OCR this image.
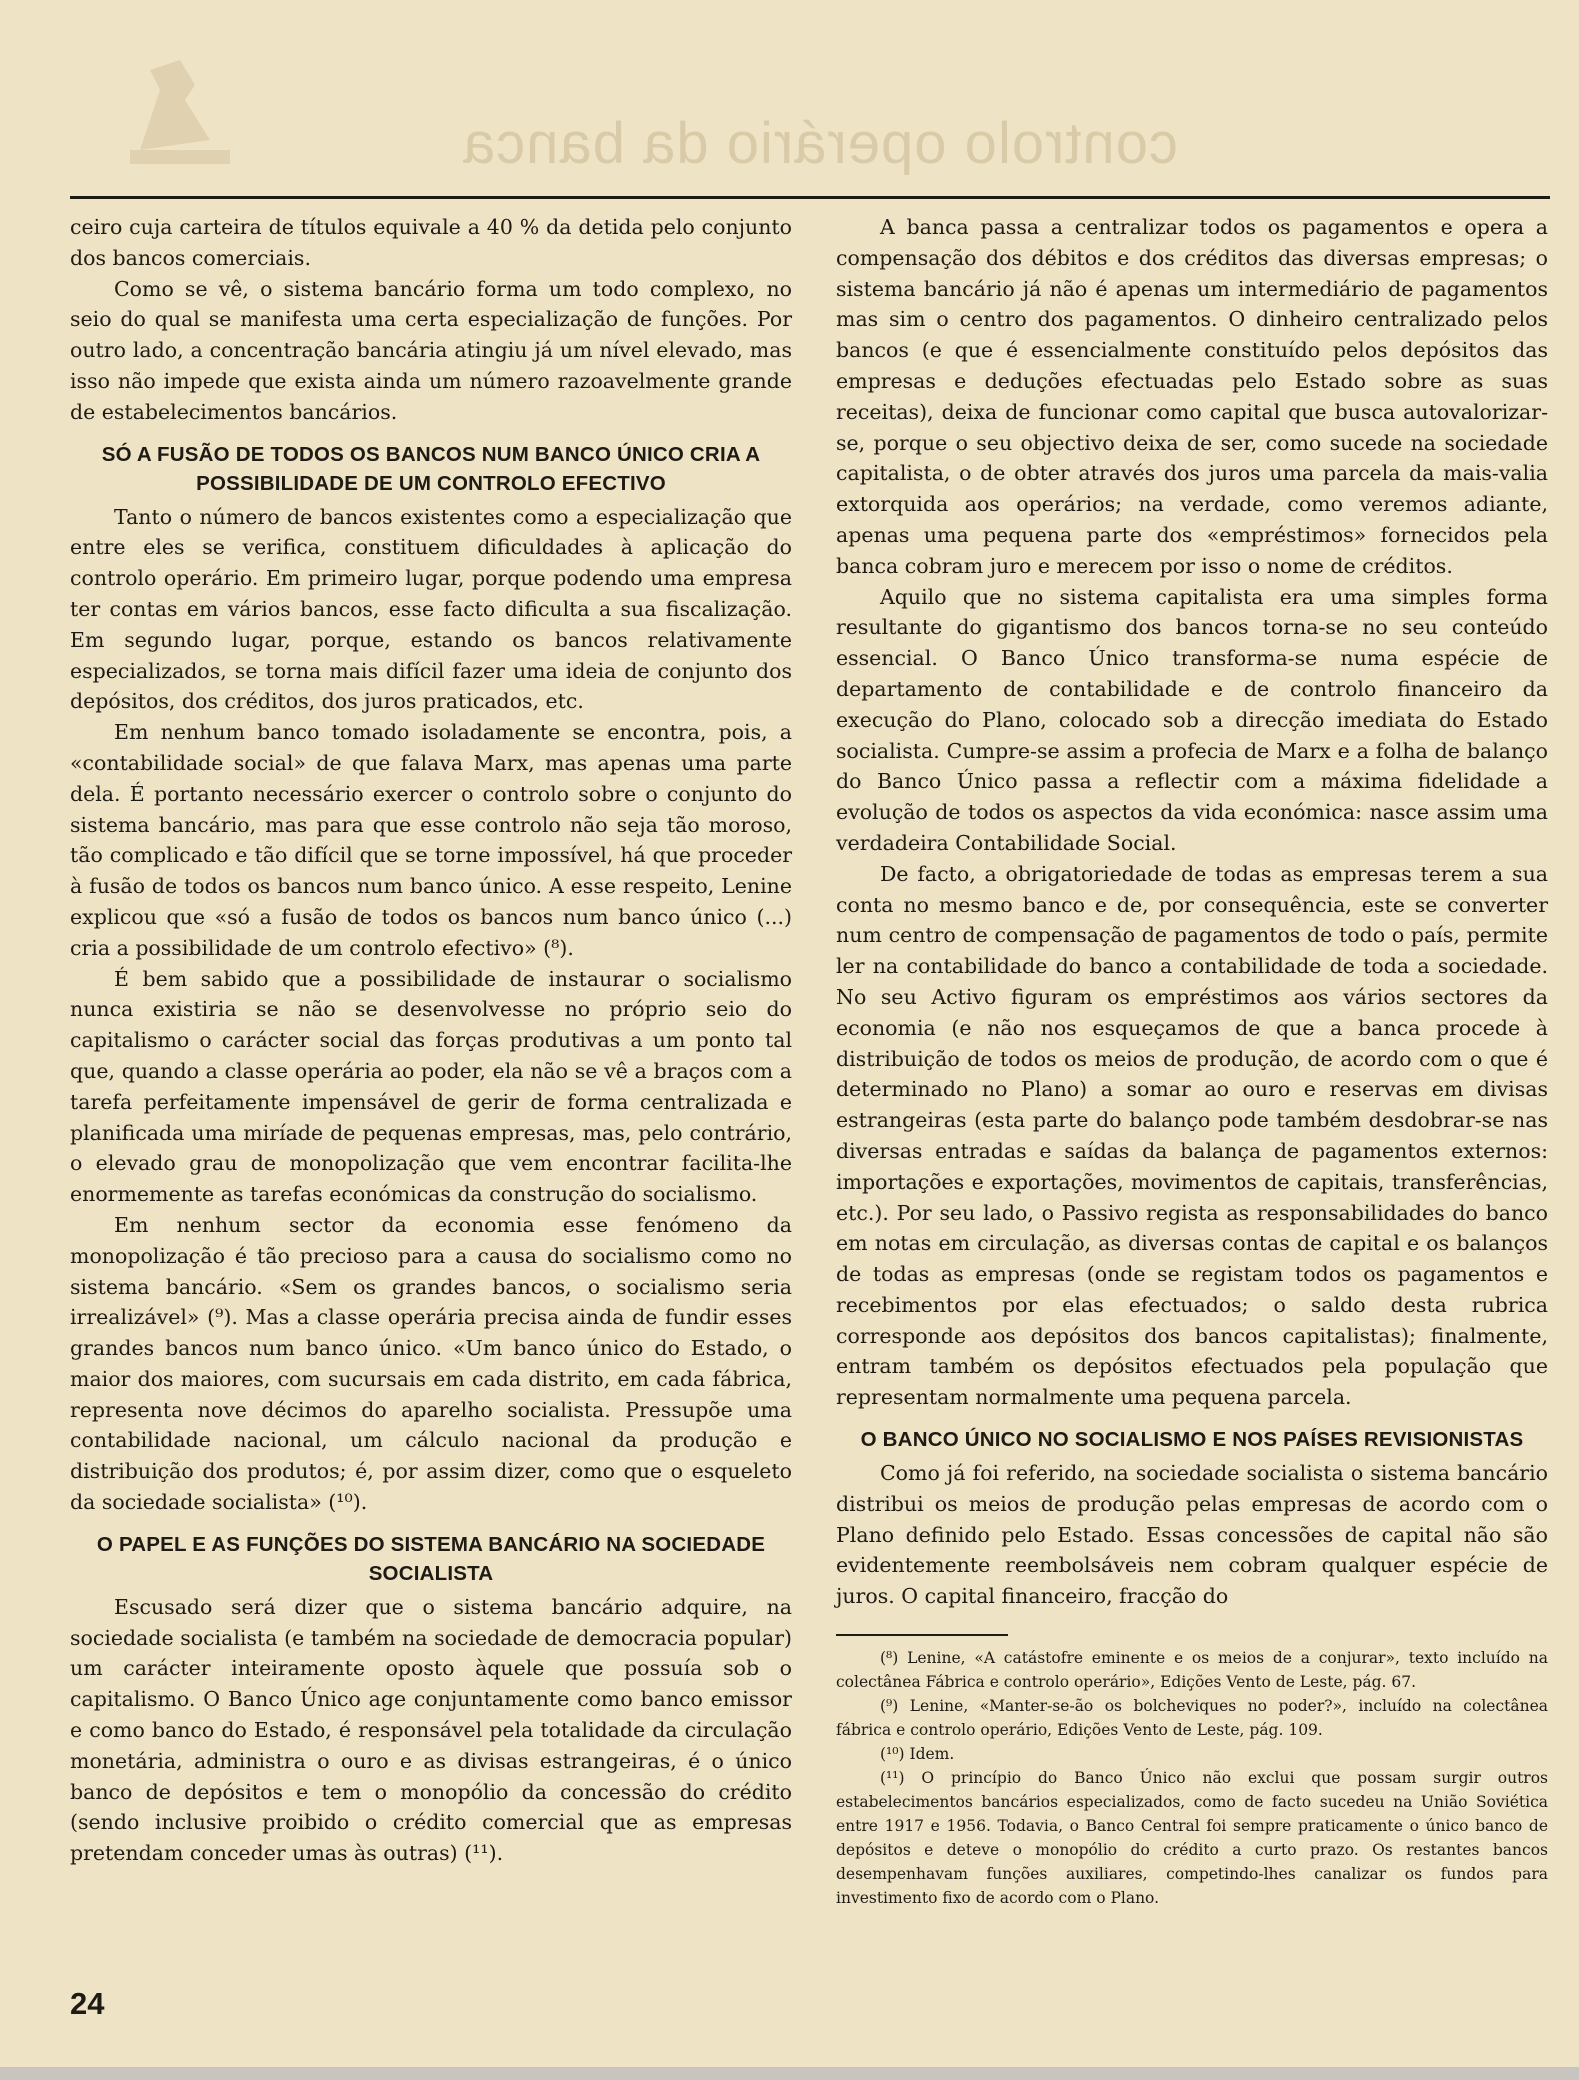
controlo operário da banca

ceiro cuja carteira de títulos equivale a 40 % da detida pelo conjunto dos bancos comerciais.

Como se vê, o sistema bancário forma um todo complexo, no seio do qual se manifesta uma certa especialização de funções. Por outro lado, a concentração bancária atingiu já um nível elevado, mas isso não impede que exista ainda um número razoavelmente grande de estabelecimentos bancários.

SÓ A FUSÃO DE TODOS OS BANCOS NUM BANCO ÚNICO CRIA A POSSIBILIDADE DE UM CONTROLO EFECTIVO

Tanto o número de bancos existentes como a especialização que entre eles se verifica, constituem dificuldades à aplicação do controlo operário. Em primeiro lugar, porque podendo uma empresa ter contas em vários bancos, esse facto dificulta a sua fiscalização. Em segundo lugar, porque, estando os bancos relativamente especializados, se torna mais difícil fazer uma ideia de conjunto dos depósitos, dos créditos, dos juros praticados, etc.

Em nenhum banco tomado isoladamente se encontra, pois, a «contabilidade social» de que falava Marx, mas apenas uma parte dela. É portanto necessário exercer o controlo sobre o conjunto do sistema bancário, mas para que esse controlo não seja tão moroso, tão complicado e tão difícil que se torne impossível, há que proceder à fusão de todos os bancos num banco único. A esse respeito, Lenine explicou que «só a fusão de todos os bancos num banco único (...) cria a possibilidade de um controlo efectivo» (⁸).

É bem sabido que a possibilidade de instaurar o socialismo nunca existiria se não se desenvolvesse no próprio seio do capitalismo o carácter social das forças produtivas a um ponto tal que, quando a classe operária ao poder, ela não se vê a braços com a tarefa perfeitamente impensável de gerir de forma centralizada e planificada uma miríade de pequenas empresas, mas, pelo contrário, o elevado grau de monopolização que vem encontrar facilita-lhe enormemente as tarefas económicas da construção do socialismo.

Em nenhum sector da economia esse fenómeno da monopolização é tão precioso para a causa do socialismo como no sistema bancário. «Sem os grandes bancos, o socialismo seria irrealizável» (⁹). Mas a classe operária precisa ainda de fundir esses grandes bancos num banco único. «Um banco único do Estado, o maior dos maiores, com sucursais em cada distrito, em cada fábrica, representa nove décimos do aparelho socialista. Pressupõe uma contabilidade nacional, um cálculo nacional da produção e distribuição dos produtos; é, por assim dizer, como que o esqueleto da sociedade socialista» (¹⁰).

O PAPEL E AS FUNÇÕES DO SISTEMA BANCÁRIO NA SOCIEDADE SOCIALISTA

Escusado será dizer que o sistema bancário adquire, na sociedade socialista (e também na sociedade de democracia popular) um carácter inteiramente oposto àquele que possuía sob o capitalismo. O Banco Único age conjuntamente como banco emissor e como banco do Estado, é responsável pela totalidade da circulação monetária, administra o ouro e as divisas estrangeiras, é o único banco de depósitos e tem o monopólio da concessão do crédito (sendo inclusive proibido o crédito comercial que as empresas pretendam conceder umas às outras) (¹¹).

A banca passa a centralizar todos os pagamentos e opera a compensação dos débitos e dos créditos das diversas empresas; o sistema bancário já não é apenas um intermediário de pagamentos mas sim o centro dos pagamentos. O dinheiro centralizado pelos bancos (e que é essencialmente constituído pelos depósitos das empresas e deduções efectuadas pelo Estado sobre as suas receitas), deixa de funcionar como capital que busca autovalorizar-se, porque o seu objectivo deixa de ser, como sucede na sociedade capitalista, o de obter através dos juros uma parcela da mais-valia extorquida aos operários; na verdade, como veremos adiante, apenas uma pequena parte dos «empréstimos» fornecidos pela banca cobram juro e merecem por isso o nome de créditos.

Aquilo que no sistema capitalista era uma simples forma resultante do gigantismo dos bancos torna-se no seu conteúdo essencial. O Banco Único transforma-se numa espécie de departamento de contabilidade e de controlo financeiro da execução do Plano, colocado sob a direcção imediata do Estado socialista. Cumpre-se assim a profecia de Marx e a folha de balanço do Banco Único passa a reflectir com a máxima fidelidade a evolução de todos os aspectos da vida económica: nasce assim uma verdadeira Contabilidade Social.

De facto, a obrigatoriedade de todas as empresas terem a sua conta no mesmo banco e de, por consequência, este se converter num centro de compensação de pagamentos de todo o país, permite ler na contabilidade do banco a contabilidade de toda a sociedade. No seu Activo figuram os empréstimos aos vários sectores da economia (e não nos esqueçamos de que a banca procede à distribuição de todos os meios de produção, de acordo com o que é determinado no Plano) a somar ao ouro e reservas em divisas estrangeiras (esta parte do balanço pode também desdobrar-se nas diversas entradas e saídas da balança de pagamentos externos: importações e exportações, movimentos de capitais, transferências, etc.). Por seu lado, o Passivo regista as responsabilidades do banco em notas em circulação, as diversas contas de capital e os balanços de todas as empresas (onde se registam todos os pagamentos e recebimentos por elas efectuados; o saldo desta rubrica corresponde aos depósitos dos bancos capitalistas); finalmente, entram também os depósitos efectuados pela população que representam normalmente uma pequena parcela.

O BANCO ÚNICO NO SOCIALISMO E NOS PAÍSES REVISIONISTAS

Como já foi referido, na sociedade socialista o sistema bancário distribui os meios de produção pelas empresas de acordo com o Plano definido pelo Estado. Essas concessões de capital não são evidentemente reembolsáveis nem cobram qualquer espécie de juros. O capital financeiro, fracção do

(⁸) Lenine, «A catástofre eminente e os meios de a conjurar», texto incluído na colectânea Fábrica e controlo operário», Edições Vento de Leste, pág. 67.

(⁹) Lenine, «Manter-se-ão os bolcheviques no poder?», incluído na colectânea fábrica e controlo operário, Edições Vento de Leste, pág. 109.

(¹⁰) Idem.

(¹¹) O princípio do Banco Único não exclui que possam surgir outros estabelecimentos bancários especializados, como de facto sucedeu na União Soviética entre 1917 e 1956. Todavia, o Banco Central foi sempre praticamente o único banco de depósitos e deteve o monopólio do crédito a curto prazo. Os restantes bancos desempenhavam funções auxiliares, competindo-lhes canalizar os fundos para investimento fixo de acordo com o Plano.

24
